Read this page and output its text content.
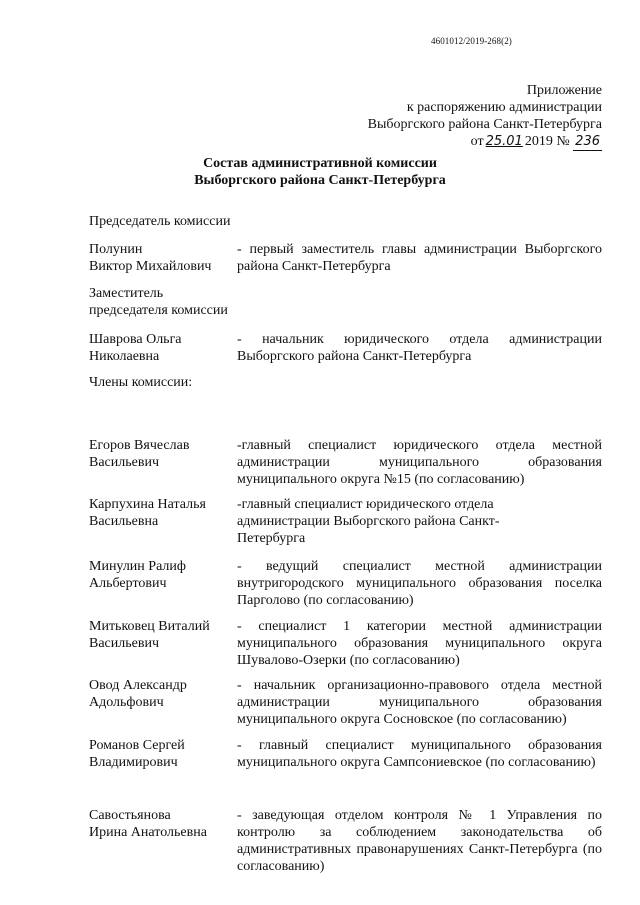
4601012/2019-268(2)
Приложение
к распоряжению администрации
Выборгского района Санкт-Петербурга
от 25.01 2019 № 236
Состав административной комиссии
Выборгского района Санкт-Петербурга
Председатель комиссии
Полунин
Виктор Михайлович
- первый заместитель главы администрации Выборгского района Санкт-Петербурга
Заместитель
председателя комиссии
Шаврова Ольга
Николаевна
- начальник юридического отдела администрации Выборгского района Санкт-Петербурга
Члены комиссии:
Егоров Вячеслав
Васильевич
-главный специалист юридического отдела местной администрации муниципального образования муниципального округа №15 (по согласованию)
Карпухина Наталья
Васильевна
-главный специалист юридического отдела администрации Выборгского района Санкт-Петербурга
Минулин Ралиф
Альбертович
- ведущий специалист местной администрации внутригородского муниципального образования поселка Парголово (по согласованию)
Митьковец Виталий
Васильевич
- специалист 1 категории местной администрации муниципального образования муниципального округа Шувалово-Озерки (по согласованию)
Овод Александр
Адольфович
- начальник организационно-правового отдела местной администрации муниципального образования муниципального округа Сосновское (по согласованию)
Романов Сергей
Владимирович
- главный специалист муниципального образования муниципального округа Сампсониевское (по согласованию)
Савостьянова
Ирина Анатольевна
- заведующая отделом контроля № 1 Управления по контролю за соблюдением законодательства об административных правонарушениях Санкт-Петербурга (по согласованию)
